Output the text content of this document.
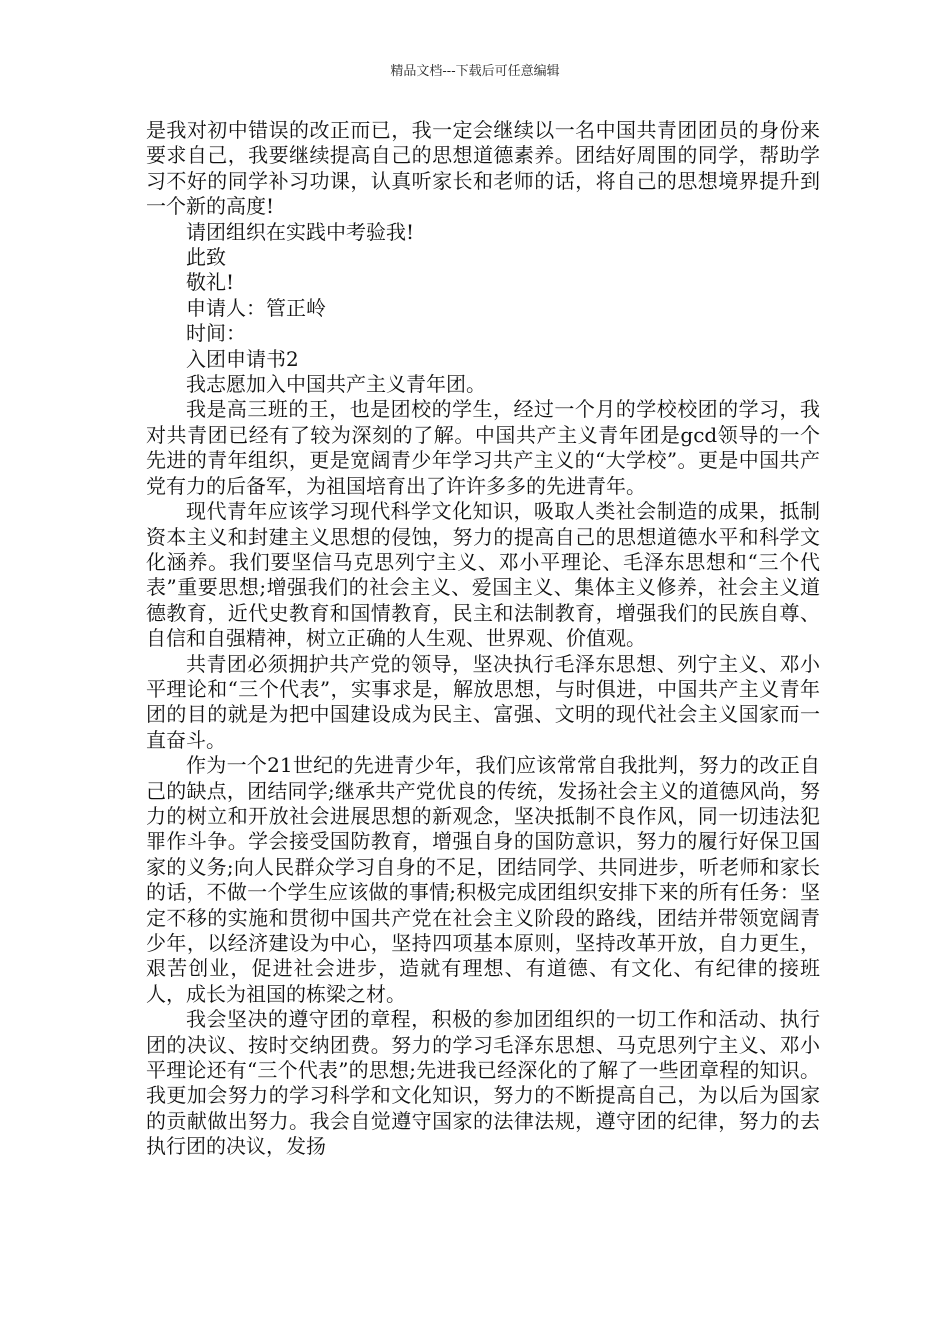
精品文档---下载后可任意编辑

是我对初中错误的改正而已，我一定会继续以一名中国共青团团员的身份来要求自己，我要继续提高自己的思想道德素养。团结好周围的同学，帮助学习不好的同学补习功课，认真听家长和老师的话，将自己的思想境界提升到一个新的高度!

请团组织在实践中考验我!

此致

敬礼!

申请人：管正岭

时间：

入团申请书2

我志愿加入中国共产主义青年团。

我是高三班的王，也是团校的学生，经过一个月的学校校团的学习，我对共青团已经有了较为深刻的了解。中国共产主义青年团是gcd领导的一个先进的青年组织，更是宽阔青少年学习共产主义的“大学校”。更是中国共产党有力的后备军，为祖国培育出了许许多多的先进青年。

现代青年应该学习现代科学文化知识，吸取人类社会制造的成果，抵制资本主义和封建主义思想的侵蚀，努力的提高自己的思想道德水平和科学文化涵养。我们要坚信马克思列宁主义、邓小平理论、毛泽东思想和“三个代表”重要思想;增强我们的社会主义、爱国主义、集体主义修养，社会主义道德教育，近代史教育和国情教育，民主和法制教育，增强我们的民族自尊、自信和自强精神，树立正确的人生观、世界观、价值观。

共青团必须拥护共产党的领导，坚决执行毛泽东思想、列宁主义、邓小平理论和“三个代表”，实事求是，解放思想，与时俱进，中国共产主义青年团的目的就是为把中国建设成为民主、富强、文明的现代社会主义国家而一直奋斗。

作为一个21世纪的先进青少年，我们应该常常自我批判，努力的改正自己的缺点，团结同学;继承共产党优良的传统，发扬社会主义的道德风尚，努力的树立和开放社会进展思想的新观念，坚决抵制不良作风，同一切违法犯罪作斗争。学会接受国防教育，增强自身的国防意识，努力的履行好保卫国家的义务;向人民群众学习自身的不足，团结同学、共同进步，听老师和家长的话，不做一个学生应该做的事情;积极完成团组织安排下来的所有任务：坚定不移的实施和贯彻中国共产党在社会主义阶段的路线，团结并带领宽阔青少年，以经济建设为中心，坚持四项基本原则，坚持改革开放，自力更生，艰苦创业，促进社会进步，造就有理想、有道德、有文化、有纪律的接班人，成长为祖国的栋梁之材。

我会坚决的遵守团的章程，积极的参加团组织的一切工作和活动、执行团的决议、按时交纳团费。努力的学习毛泽东思想、马克思列宁主义、邓小平理论还有“三个代表”的思想;先进我已经深化的了解了一些团章程的知识。我更加会努力的学习科学和文化知识，努力的不断提高自己，为以后为国家的贡献做出努力。我会自觉遵守国家的法律法规，遵守团的纪律，努力的去执行团的决议，发扬
